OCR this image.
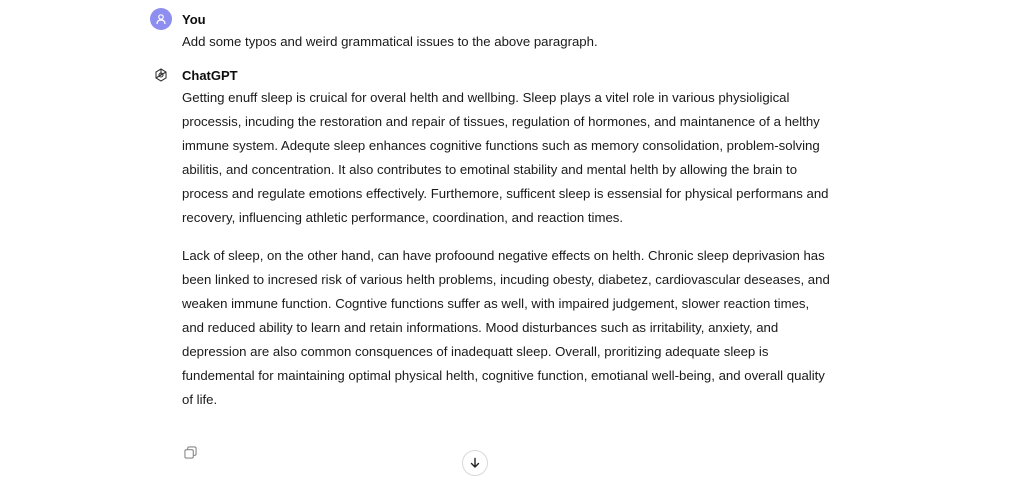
You
Add some typos and weird grammatical issues to the above paragraph.
ChatGPT

Getting enuff sleep is cruical for overal helth and wellbing. Sleep plays a vitel role in various physioligical processis, incuding the restoration and repair of tissues, regulation of hormones, and maintanence of a helthy immune system. Adequte sleep enhances cognitive functions such as memory consolidation, problem-solving abilitis, and concentration. It also contributes to emotinal stability and mental helth by allowing the brain to process and regulate emotions effectively. Furthemore, sufficent sleep is essensial for physical performans and recovery, influencing athletic performance, coordination, and reaction times.

Lack of sleep, on the other hand, can have profoound negative effects on helth. Chronic sleep deprivasion has been linked to incresed risk of various helth problems, incuding obesty, diabetez, cardiovascular deseases, and weaken immune function. Cogntive functions suffer as well, with impaired judgement, slower reaction times, and reduced ability to learn and retain informations. Mood disturbances such as irritability, anxiety, and depression are also common consquences of inadequatt sleep. Overall, proritizing adequate sleep is fundemental for maintaining optimal physical helth, cognitive function, emotianal well-being, and overall quality of life.
